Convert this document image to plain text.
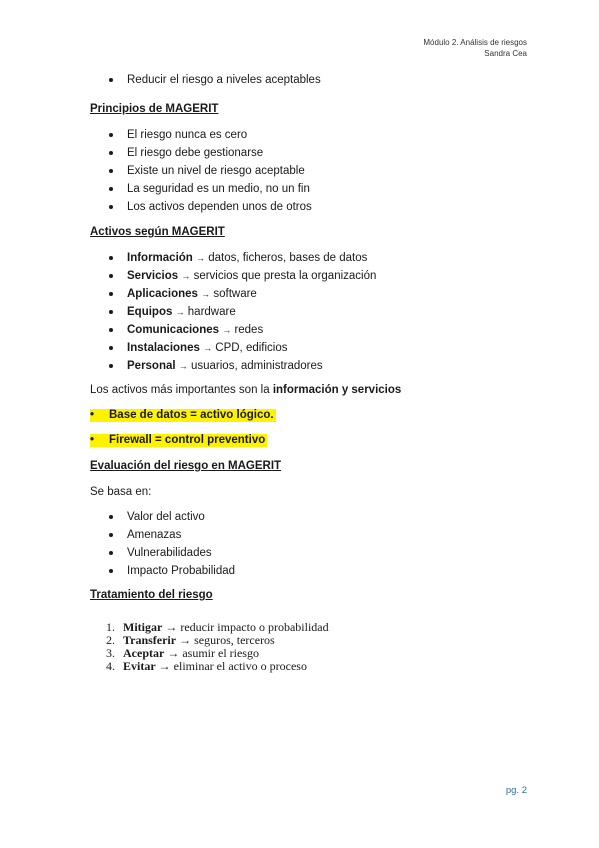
Módulo 2. Análisis de riesgos
Sandra Cea
Reducir el riesgo a niveles aceptables
Principios de MAGERIT
El riesgo nunca es cero
El riesgo debe gestionarse
Existe un nivel de riesgo aceptable
La seguridad es un medio, no un fin
Los activos dependen unos de otros
Activos según MAGERIT
Información → datos, ficheros, bases de datos
Servicios → servicios que presta la organización
Aplicaciones → software
Equipos → hardware
Comunicaciones → redes
Instalaciones → CPD, edificios
Personal → usuarios, administradores
Los activos más importantes son la información y servicios
• Base de datos = activo lógico.
• Firewall = control preventivo
Evaluación del riesgo en MAGERIT
Se basa en:
Valor del activo
Amenazas
Vulnerabilidades
Impacto Probabilidad
Tratamiento del riesgo
1. Mitigar → reducir impacto o probabilidad
2. Transferir → seguros, terceros
3. Aceptar → asumir el riesgo
4. Evitar → eliminar el activo o proceso
pg. 2
